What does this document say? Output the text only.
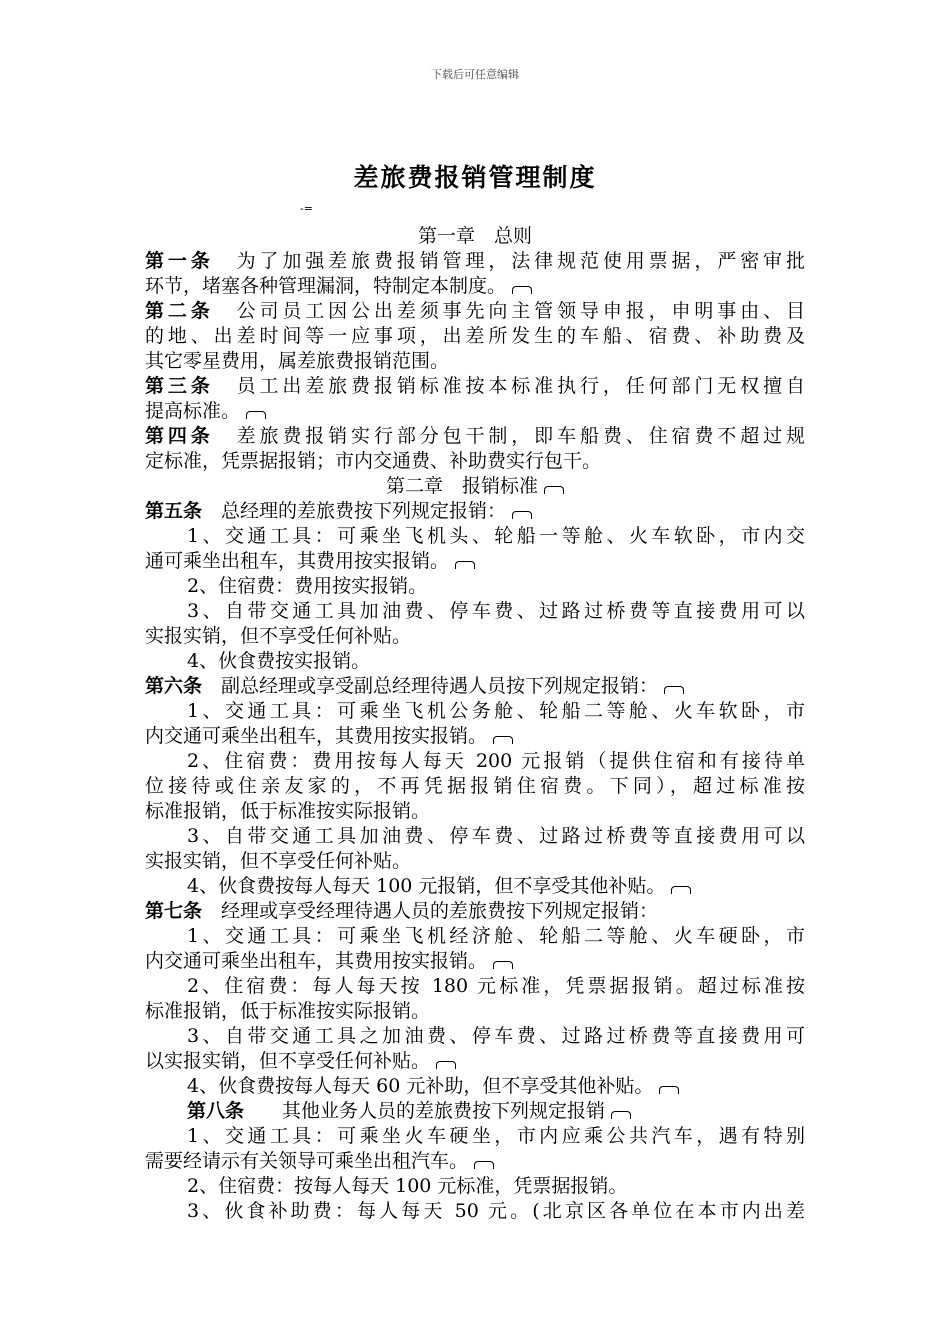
下载后可任意编辑
差旅费报销管理制度
-=
第一章　总则
第一条　 为了加强差旅费报销管理，法律规范使用票据，严密审批
环节，堵塞各种管理漏洞，特制定本制度。
第二条　 公司员工因公出差须事先向主管领导申报，申明事由、目
的地、出差时间等一应事项，出差所发生的车船、宿费、补助费及
其它零星费用，属差旅费报销范围。
第三条　 员工出差旅费报销标准按本标准执行，任何部门无权擅自
提高标准。
第四条　 差旅费报销实行部分包干制，即车船费、住宿费不超过规
定标准，凭票据报销；市内交通费、补助费实行包干。
第二章　报销标准
第五条　 总经理的差旅费按下列规定报销：
1、交通工具：可乘坐飞机头、轮船一等舱、火车软卧，市内交
通可乘坐出租车，其费用按实报销。
2、住宿费：费用按实报销。
3、自带交通工具加油费、停车费、过路过桥费等直接费用可以
实报实销，但不享受任何补贴。
4、伙食费按实报销。
第六条　 副总经理或享受副总经理待遇人员按下列规定报销：
1、交通工具：可乘坐飞机公务舱、轮船二等舱、火车软卧，市
内交通可乘坐出租车，其费用按实报销。
2、住宿费：费用按每人每天 200 元报销（提供住宿和有接待单
位接待或住亲友家的，不再凭据报销住宿费。下同），超过标准按
标准报销，低于标准按实际报销。
3、自带交通工具加油费、停车费、过路过桥费等直接费用可以
实报实销，但不享受任何补贴。
4、伙食费按每人每天 100 元报销，但不享受其他补贴。
第七条　 经理或享受经理待遇人员的差旅费按下列规定报销：
1、交通工具：可乘坐飞机经济舱、轮船二等舱、火车硬卧，市
内交通可乘坐出租车，其费用按实报销。
2、住宿费：每人每天按 180 元标准，凭票据报销。超过标准按
标准报销，低于标准按实际报销。
3、自带交通工具之加油费、停车费、过路过桥费等直接费用可
以实报实销，但不享受任何补贴。
4、伙食费按每人每天 60 元补助，但不享受其他补贴。
第八条　　其他业务人员的差旅费按下列规定报销
1、交通工具：可乘坐火车硬坐，市内应乘公共汽车，遇有特别
需要经请示有关领导可乘坐出租汽车。
2、住宿费：按每人每天 100 元标准，凭票据报销。
3、伙食补助费：每人每天 50 元。(北京区各单位在本市内出差
